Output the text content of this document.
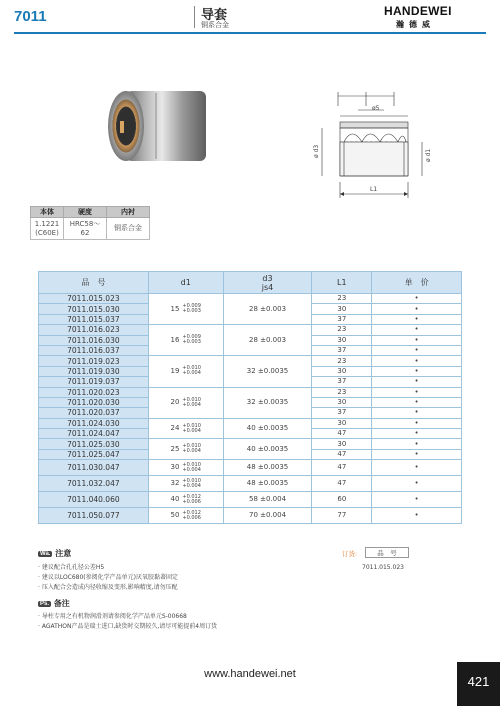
7011	导套
铜系合金
HANDEWEI
瀚德威
ø5
ø d3	ø d1
L1
本体	硬度	内衬
1.1221
(C60E)	HRC58～62	铜系合金
品　号	d1	d3
js4	L1	单　价
7011.015.023	15 +0.009
+0.003	28 ±0.003	23	•
7011.015.030			30	•
7011.015.037			37	•
7011.016.023	16 +0.009
+0.003	28 ±0.003	23	•
7011.016.030			30	•
7011.016.037			37	•
7011.019.023	19 +0.010
+0.004	32 ±0.0035	23	•
7011.019.030			30	•
7011.019.037			37	•
7011.020.023	20 +0.010
+0.004	32 ±0.0035	23	•
7011.020.030			30	•
7011.020.037			37	•
7011.024.030	24 +0.010
+0.004	40 ±0.0035	30	•
7011.024.047			47	•
7011.025.030	25 +0.010
+0.004	40 ±0.0035	30	•
7011.025.047			47	•
7011.030.047	30 +0.010
+0.004	48 ±0.0035	47	•
7011.032.047	32 +0.010
+0.004	48 ±0.0035	47	•
7011.040.060	40 +0.012
+0.006	58 ±0.004	60	•
7011.050.077	50 +0.012
+0.006	70 ±0.004	77	•
Wa. 注意
· 建议配合孔孔径公差H5
· 建议以LOC680(参阅化学产品单元)厌氧胶黏著固定
· 压入配合会造成内径收缩及变形,影响精度,请勿压配
Ps. 备注
· 导柱专用之有机物润滑剂请参阅化学产品单元S-00668
· AGATHON产品是瑞士进口,缺货时交期较久,请尽可能提前4周订货
订货:	品　号
7011.015.023
www.handewei.net	421
